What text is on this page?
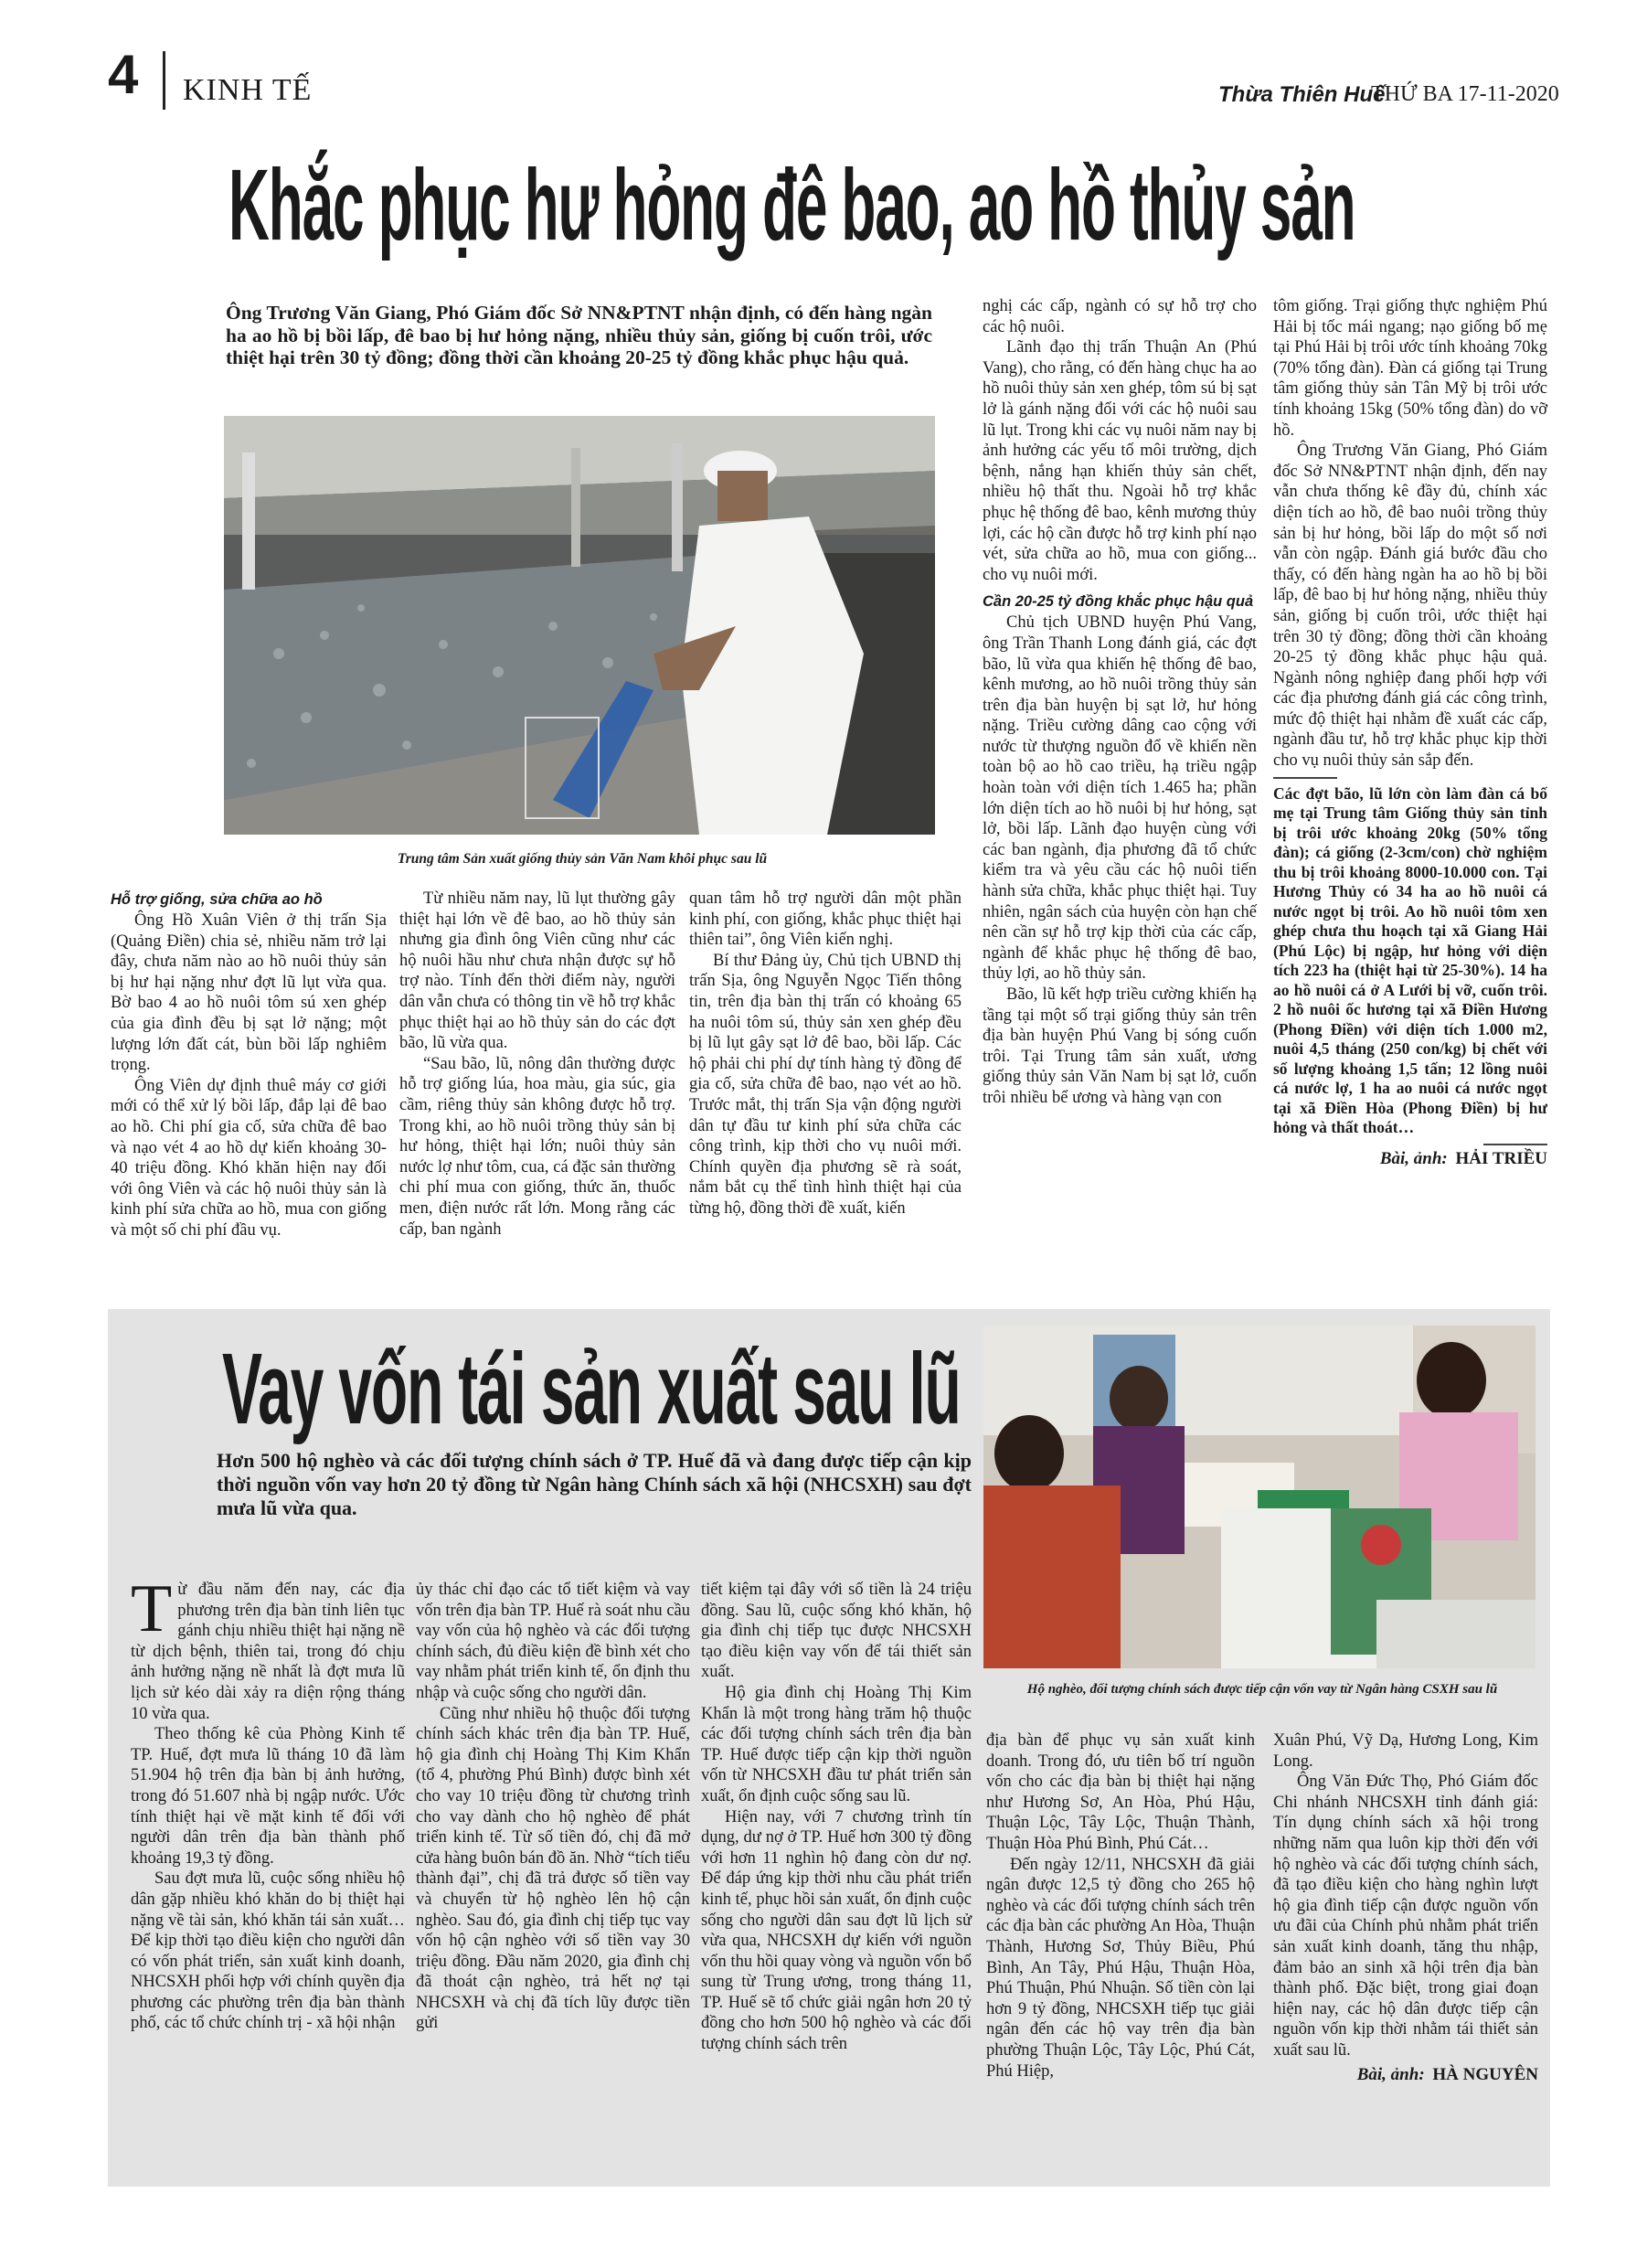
4 KINH TẾ	Thừa Thiên Huế
THỨ BA 17-11-2020
Khắc phục hư hỏng đê bao, ao hồ thủy sản
Ông Trương Văn Giang, Phó Giám đốc Sở NN&PTNT nhận định, có đến hàng ngàn ha ao hồ bị bồi lấp, đê bao bị hư hỏng nặng, nhiều thủy sản, giống bị cuốn trôi, ước thiệt hại trên 30 tỷ đồng; đồng thời cần khoảng 20-25 tỷ đồng khắc phục hậu quả.
Trung tâm Sản xuất giống thủy sản Văn Nam khôi phục sau lũ
Hỗ trợ giống, sửa chữa ao hồ

Ông Hồ Xuân Viên ở thị trấn Sịa (Quảng Điền) chia sẻ, nhiều năm trở lại đây, chưa năm nào ao hồ nuôi thủy sản bị hư hại nặng như đợt lũ lụt vừa qua. Bờ bao 4 ao hồ nuôi tôm sú xen ghép của gia đình đều bị sạt lở nặng; một lượng lớn đất cát, bùn bồi lấp nghiêm trọng.

Ông Viên dự định thuê máy cơ giới mới có thể xử lý bồi lấp, đắp lại đê bao ao hồ. Chi phí gia cố, sửa chữa đê bao và nạo vét 4 ao hồ dự kiến khoảng 30-40 triệu đồng. Khó khăn hiện nay đối với ông Viên và các hộ nuôi thủy sản là kinh phí sửa chữa ao hồ, mua con giống và một số chi phí đầu vụ.

Từ nhiều năm nay, lũ lụt thường gây thiệt hại lớn về đê bao, ao hồ thủy sản nhưng gia đình ông Viên cũng như các hộ nuôi hầu như chưa nhận được sự hỗ trợ nào. Tính đến thời điểm này, người dân vẫn chưa có thông tin về hỗ trợ khắc phục thiệt hại ao hồ thủy sản do các đợt bão, lũ vừa qua.

“Sau bão, lũ, nông dân thường được hỗ trợ giống lúa, hoa màu, gia súc, gia cầm, riêng thủy sản không được hỗ trợ. Trong khi, ao hồ nuôi trồng thủy sản bị hư hỏng, thiệt hại lớn; nuôi thủy sản nước lợ như tôm, cua, cá đặc sản thường chi phí mua con giống, thức ăn, thuốc men, điện nước rất lớn. Mong rằng các cấp, ban ngành

quan tâm hỗ trợ người dân một phần kinh phí, con giống, khắc phục thiệt hại thiên tai”, ông Viên kiến nghị.

Bí thư Đảng ủy, Chủ tịch UBND thị trấn Sịa, ông Nguyễn Ngọc Tiến thông tin, trên địa bàn thị trấn có khoảng 65 ha nuôi tôm sú, thủy sản xen ghép đều bị lũ lụt gây sạt lở đê bao, bồi lấp. Các hộ phải chi phí dự tính hàng tỷ đồng để gia cố, sửa chữa đê bao, nạo vét ao hồ. Trước mắt, thị trấn Sịa vận động người dân tự đầu tư kinh phí sửa chữa các công trình, kịp thời cho vụ nuôi mới. Chính quyền địa phương sẽ rà soát, nắm bắt cụ thể tình hình thiệt hại của từng hộ, đồng thời đề xuất, kiến

nghị các cấp, ngành có sự hỗ trợ cho các hộ nuôi.

Lãnh đạo thị trấn Thuận An (Phú Vang), cho rằng, có đến hàng chục ha ao hồ nuôi thủy sản xen ghép, tôm sú bị sạt lở là gánh nặng đối với các hộ nuôi sau lũ lụt. Trong khi các vụ nuôi năm nay bị ảnh hưởng các yếu tố môi trường, dịch bệnh, nắng hạn khiến thủy sản chết, nhiều hộ thất thu. Ngoài hỗ trợ khắc phục hệ thống đê bao, kênh mương thủy lợi, các hộ cần được hỗ trợ kinh phí nạo vét, sửa chữa ao hồ, mua con giống... cho vụ nuôi mới.

Cần 20-25 tỷ đồng khắc phục hậu quả

Chủ tịch UBND huyện Phú Vang, ông Trần Thanh Long đánh giá, các đợt bão, lũ vừa qua khiến hệ thống đê bao, kênh mương, ao hồ nuôi trồng thủy sản trên địa bàn huyện bị sạt lở, hư hỏng nặng. Triều cường dâng cao cộng với nước từ thượng nguồn đổ về khiến nền toàn bộ ao hồ cao triều, hạ triều ngập hoàn toàn với diện tích 1.465 ha; phần lớn diện tích ao hồ nuôi bị hư hỏng, sạt lở, bồi lấp. Lãnh đạo huyện cùng với các ban ngành, địa phương đã tổ chức kiểm tra và yêu cầu các hộ nuôi tiến hành sửa chữa, khắc phục thiệt hại. Tuy nhiên, ngân sách của huyện còn hạn chế nên cần sự hỗ trợ kịp thời của các cấp, ngành để khắc phục hệ thống đê bao, thủy lợi, ao hồ thủy sản.

Bão, lũ kết hợp triều cường khiến hạ tầng tại một số trại giống thủy sản trên địa bàn huyện Phú Vang bị sóng cuốn trôi. Tại Trung tâm sản xuất, ương giống thủy sản Văn Nam bị sạt lở, cuốn trôi nhiều bể ương và hàng vạn con

tôm giống. Trại giống thực nghiệm Phú Hải bị tốc mái ngang; nạo giống bố mẹ tại Phú Hải bị trôi ước tính khoảng 70kg (70% tổng đàn). Đàn cá giống tại Trung tâm giống thủy sản Tân Mỹ bị trôi ước tính khoảng 15kg (50% tổng đàn) do vỡ hồ.

Ông Trương Văn Giang, Phó Giám đốc Sở NN&PTNT nhận định, đến nay vẫn chưa thống kê đầy đủ, chính xác diện tích ao hồ, đê bao nuôi trồng thủy sản bị hư hỏng, bồi lấp do một số nơi vẫn còn ngập. Đánh giá bước đầu cho thấy, có đến hàng ngàn ha ao hồ bị bồi lấp, đê bao bị hư hỏng nặng, nhiều thủy sản, giống bị cuốn trôi, ước thiệt hại trên 30 tỷ đồng; đồng thời cần khoảng 20-25 tỷ đồng khắc phục hậu quả. Ngành nông nghiệp đang phối hợp với các địa phương đánh giá các công trình, mức độ thiệt hại nhằm đề xuất các cấp, ngành đầu tư, hỗ trợ khắc phục kịp thời cho vụ nuôi thủy sản sắp đến.

Các đợt bão, lũ lớn còn làm đàn cá bố mẹ tại Trung tâm Giống thủy sản tỉnh bị trôi ước khoảng 20kg (50% tổng đàn); cá giống (2-3cm/con) chờ nghiệm thu bị trôi khoảng 8000-10.000 con. Tại Hương Thủy có 34 ha ao hồ nuôi cá nước ngọt bị trôi. Ao hồ nuôi tôm xen ghép chưa thu hoạch tại xã Giang Hải (Phú Lộc) bị ngập, hư hỏng với diện tích 223 ha (thiệt hại từ 25-30%). 14 ha ao hồ nuôi cá ở A Lưới bị vỡ, cuốn trôi. 2 hồ nuôi ốc hương tại xã Điền Hương (Phong Điền) với diện tích 1.000 m2, nuôi 4,5 tháng (250 con/kg) bị chết với số lượng khoảng 1,5 tấn; 12 lồng nuôi cá nước lợ, 1 ha ao nuôi cá nước ngọt tại xã Điền Hòa (Phong Điền) bị hư hỏng và thất thoát…

Bài, ảnh: HẢI TRIỀU
Vay vốn tái sản xuất sau lũ
Hơn 500 hộ nghèo và các đối tượng chính sách ở TP. Huế đã và đang được tiếp cận kịp thời nguồn vốn vay hơn 20 tỷ đồng từ Ngân hàng Chính sách xã hội (NHCSXH) sau đợt mưa lũ vừa qua.
Hộ nghèo, đối tượng chính sách được tiếp cận vốn vay từ Ngân hàng CSXH sau lũ

Từ đầu năm đến nay, các địa phương trên địa bàn tỉnh liên tục gánh chịu nhiều thiệt hại nặng nề từ dịch bệnh, thiên tai, trong đó chịu ảnh hưởng nặng nề nhất là đợt mưa lũ lịch sử kéo dài xảy ra diện rộng tháng 10 vừa qua.

Theo thống kê của Phòng Kinh tế TP. Huế, đợt mưa lũ tháng 10 đã làm 51.904 hộ trên địa bàn bị ảnh hưởng, trong đó 51.607 nhà bị ngập nước. Ước tính thiệt hại về mặt kinh tế đối với người dân trên địa bàn thành phố khoảng 19,3 tỷ đồng.

Sau đợt mưa lũ, cuộc sống nhiều hộ dân gặp nhiều khó khăn do bị thiệt hại nặng về tài sản, khó khăn tái sản xuất… Để kịp thời tạo điều kiện cho người dân có vốn phát triển, sản xuất kinh doanh, NHCSXH phối hợp với chính quyền địa phương các phường trên địa bàn thành phố, các tổ chức chính trị - xã hội nhận

ủy thác chỉ đạo các tổ tiết kiệm và vay vốn trên địa bàn TP. Huế rà soát nhu cầu vay vốn của hộ nghèo và các đối tượng chính sách, đủ điều kiện đề bình xét cho vay nhằm phát triển kinh tế, ổn định thu nhập và cuộc sống cho người dân.

Cũng như nhiều hộ thuộc đối tượng chính sách khác trên địa bàn TP. Huế, hộ gia đình chị Hoàng Thị Kim Khẩn (tổ 4, phường Phú Bình) được bình xét cho vay 10 triệu đồng từ chương trình cho vay dành cho hộ nghèo để phát triển kinh tế. Từ số tiền đó, chị đã mở cửa hàng buôn bán đồ ăn. Nhờ “tích tiểu thành đại”, chị đã trả được số tiền vay và chuyển từ hộ nghèo lên hộ cận nghèo. Sau đó, gia đình chị tiếp tục vay vốn hộ cận nghèo với số tiền vay 30 triệu đồng. Đầu năm 2020, gia đình chị đã thoát cận nghèo, trả hết nợ tại NHCSXH và chị đã tích lũy được tiền gửi

tiết kiệm tại đây với số tiền là 24 triệu đồng. Sau lũ, cuộc sống khó khăn, hộ gia đình chị tiếp tục được NHCSXH tạo điều kiện vay vốn để tái thiết sản xuất.

Hộ gia đình chị Hoàng Thị Kim Khẩn là một trong hàng trăm hộ thuộc các đối tượng chính sách trên địa bàn TP. Huế được tiếp cận kịp thời nguồn vốn từ NHCSXH đầu tư phát triển sản xuất, ổn định cuộc sống sau lũ.

Hiện nay, với 7 chương trình tín dụng, dư nợ ở TP. Huế hơn 300 tỷ đồng với hơn 11 nghìn hộ đang còn dư nợ. Để đáp ứng kịp thời nhu cầu phát triển kinh tế, phục hồi sản xuất, ổn định cuộc sống cho người dân sau đợt lũ lịch sử vừa qua, NHCSXH dự kiến với nguồn vốn thu hồi quay vòng và nguồn vốn bổ sung từ Trung ương, trong tháng 11, TP. Huế sẽ tổ chức giải ngân hơn 20 tỷ đồng cho hơn 500 hộ nghèo và các đối tượng chính sách trên

địa bàn để phục vụ sản xuất kinh doanh. Trong đó, ưu tiên bố trí nguồn vốn cho các địa bàn bị thiệt hại nặng như Hương Sơ, An Hòa, Phú Hậu, Thuận Lộc, Tây Lộc, Thuận Thành, Thuận Hòa Phú Bình, Phú Cát…

Đến ngày 12/11, NHCSXH đã giải ngân được 12,5 tỷ đồng cho 265 hộ nghèo và các đối tượng chính sách trên các địa bàn các phường An Hòa, Thuận Thành, Hương Sơ, Thủy Biều, Phú Bình, An Tây, Phú Hậu, Thuận Hòa, Phú Thuận, Phú Nhuận. Số tiền còn lại hơn 9 tỷ đồng, NHCSXH tiếp tục giải ngân đến các hộ vay trên địa bàn phường Thuận Lộc, Tây Lộc, Phú Cát, Phú Hiệp,

Xuân Phú, Vỹ Dạ, Hương Long, Kim Long.

Ông Văn Đức Thọ, Phó Giám đốc Chi nhánh NHCSXH tỉnh đánh giá: Tín dụng chính sách xã hội trong những năm qua luôn kịp thời đến với hộ nghèo và các đối tượng chính sách, đã tạo điều kiện cho hàng nghìn lượt hộ gia đình tiếp cận được nguồn vốn ưu đãi của Chính phủ nhằm phát triển sản xuất kinh doanh, tăng thu nhập, đảm bảo an sinh xã hội trên địa bàn thành phố. Đặc biệt, trong giai đoạn hiện nay, các hộ dân được tiếp cận nguồn vốn kịp thời nhằm tái thiết sản xuất sau lũ.

Bài, ảnh: HÀ NGUYÊN
